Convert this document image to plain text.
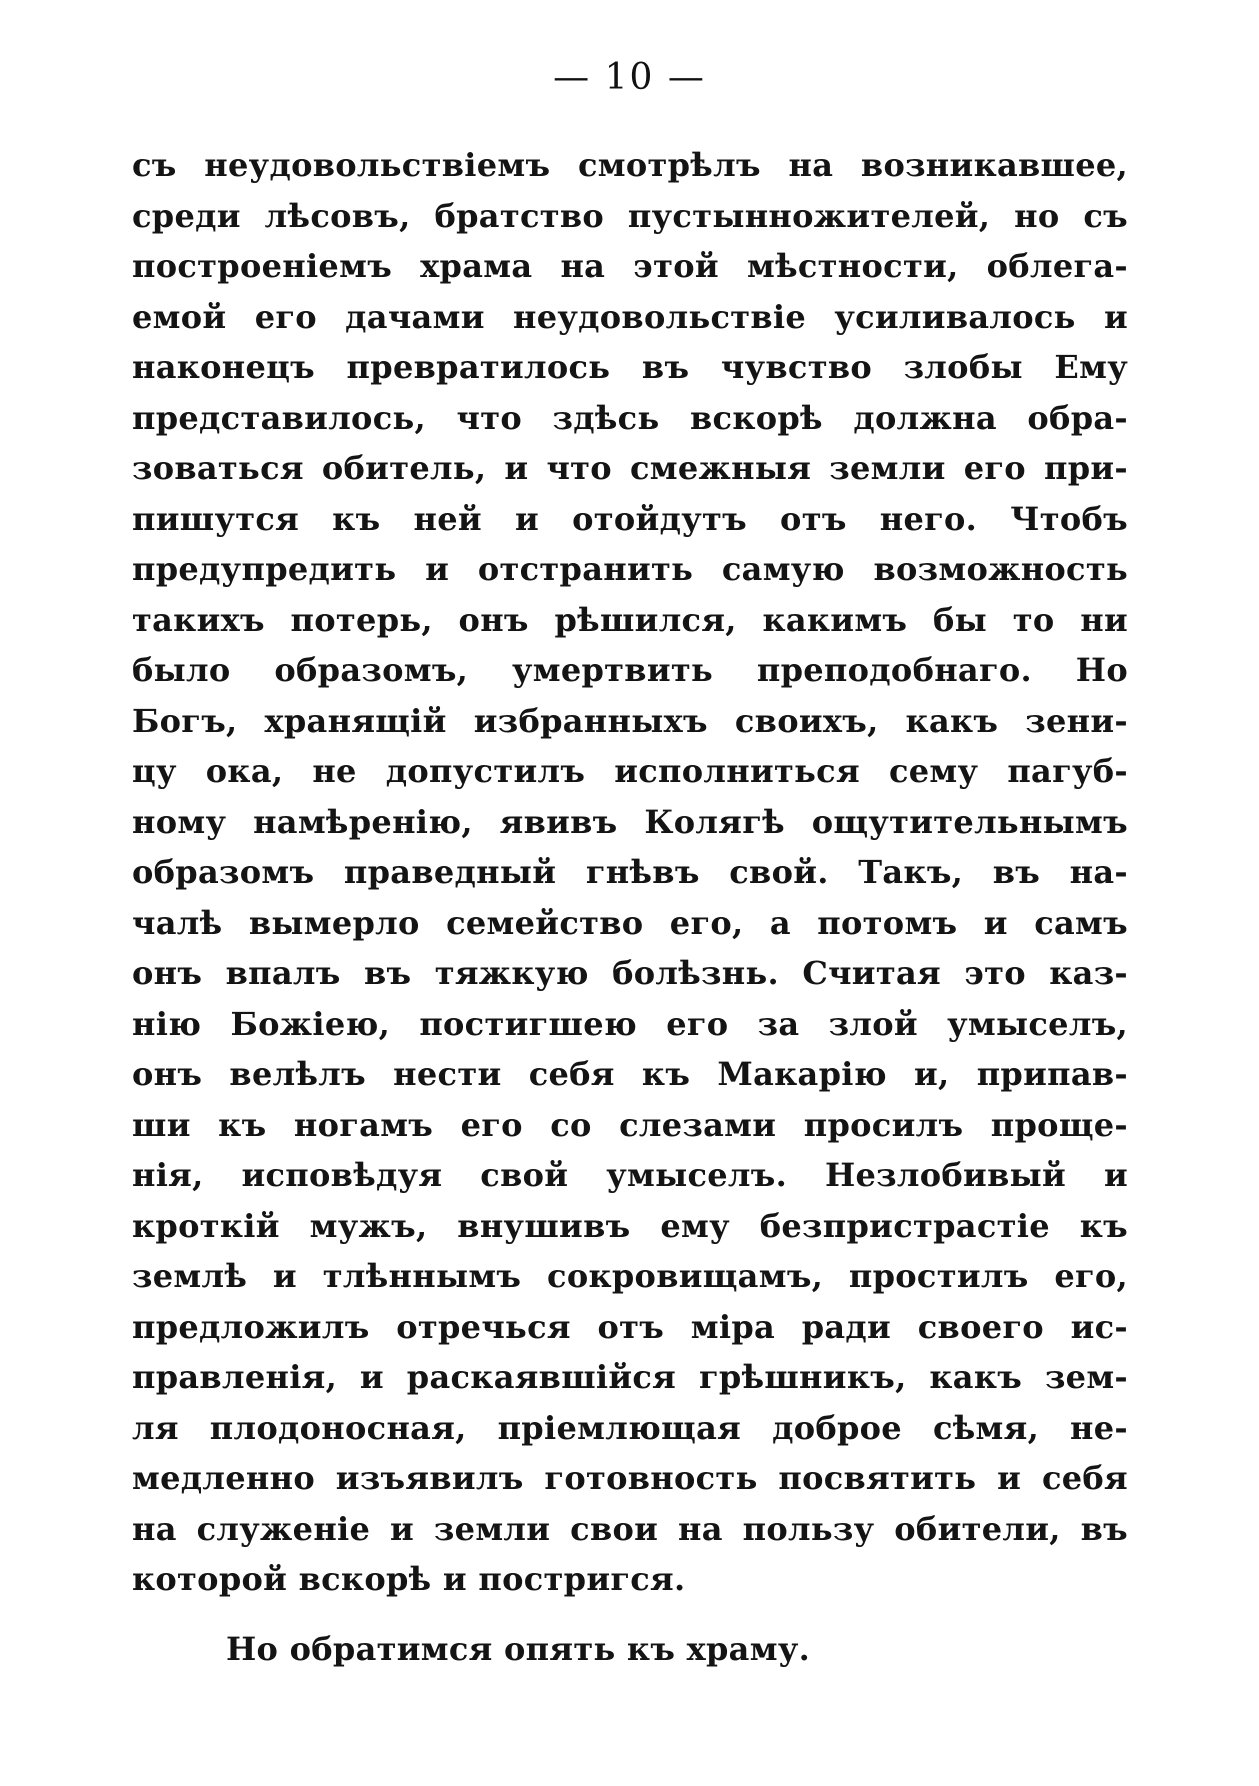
— 10 —
съ неудовольствіемъ смотрѣлъ на возникавшее,
среди лѣсовъ, братство пустынножителей, но съ
построеніемъ храма на этой мѣстности, облега-
емой его дачами неудовольствіе усиливалось и
наконецъ превратилось въ чувство злобы Ему
представилось, что здѣсь вскорѣ должна обра-
зоваться обитель, и что смежныя земли его при-
пишутся къ ней и отойдутъ отъ него. Чтобъ
предупредить и отстранить самую возможность
такихъ потерь, онъ рѣшился, какимъ бы то ни
было образомъ, умертвить преподобнаго. Но
Богъ, хранящій избранныхъ своихъ, какъ зени-
цу ока, не допустилъ исполниться сему пагуб-
ному намѣренію, явивъ Колягѣ ощутительнымъ
образомъ праведный гнѣвъ свой. Такъ, въ на-
чалѣ вымерло семейство его, а потомъ и самъ
онъ впалъ въ тяжкую болѣзнь. Считая это каз-
нію Божіею, постигшею его за злой умыселъ,
онъ велѣлъ нести себя къ Макарію и, припав-
ши къ ногамъ его со слезами просилъ проще-
нія, исповѣдуя свой умыселъ. Незлобивый и
кроткій мужъ, внушивъ ему безпристрастіе къ
землѣ и тлѣннымъ сокровищамъ, простилъ его,
предложилъ отречься отъ міра ради своего ис-
правленія, и раскаявшійся грѣшникъ, какъ зем-
ля плодоносная, пріемлющая доброе сѣмя, не-
медленно изъявилъ готовность посвятить и себя
на служеніе и земли свои на пользу обители, въ
которой вскорѣ и постригся.
Но обратимся опять къ храму.
